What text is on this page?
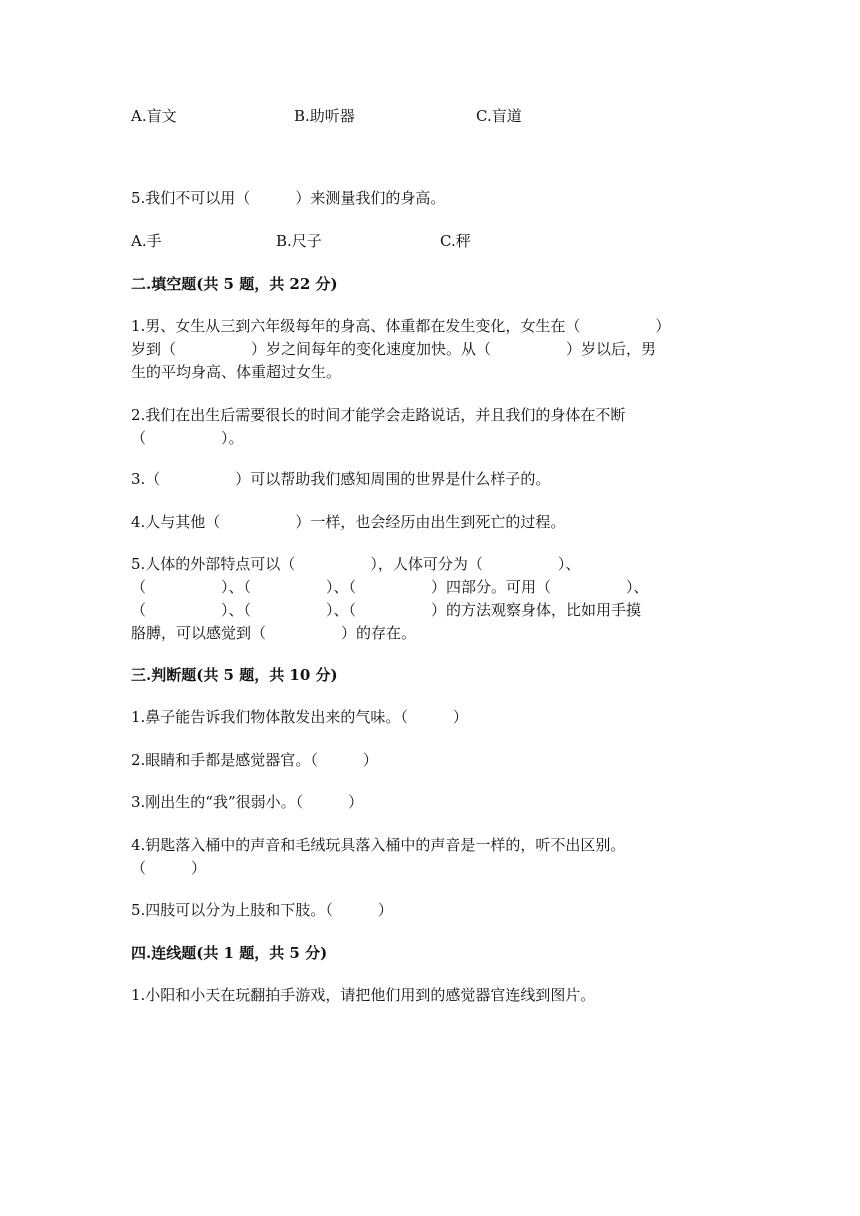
A.盲文	B.助听器	C.盲道
5.我们不可以用（　　　）来测量我们的身高。
A.手	B.尺子	C.秤
二.填空题(共 5 题，共 22 分)
1.男、女生从三到六年级每年的身高、体重都在发生变化，女生在（　　　　　）
岁到（　　　　　）岁之间每年的变化速度加快。从（　　　　　）岁以后，男
生的平均身高、体重超过女生。
2.我们在出生后需要很长的时间才能学会走路说话，并且我们的身体在不断
（　　　　　）。
3.（　　　　　）可以帮助我们感知周围的世界是什么样子的。
4.人与其他（　　　　　）一样，也会经历由出生到死亡的过程。
5.人体的外部特点可以（　　　　　），人体可分为（　　　　　）、
（　　　　　）、（　　　　　）、（　　　　　）四部分。可用（　　　　　）、
（　　　　　）、（　　　　　）、（　　　　　）的方法观察身体，比如用手摸
胳膊，可以感觉到（　　　　　）的存在。
三.判断题(共 5 题，共 10 分)
1.鼻子能告诉我们物体散发出来的气味。（　　　）
2.眼睛和手都是感觉器官。（　　　）
3.刚出生的“我”很弱小。（　　　）
4.钥匙落入桶中的声音和毛绒玩具落入桶中的声音是一样的，听不出区别。
（　　　）
5.四肢可以分为上肢和下肢。（　　　）
四.连线题(共 1 题，共 5 分)
1.小阳和小天在玩翻拍手游戏，请把他们用到的感觉器官连线到图片。
